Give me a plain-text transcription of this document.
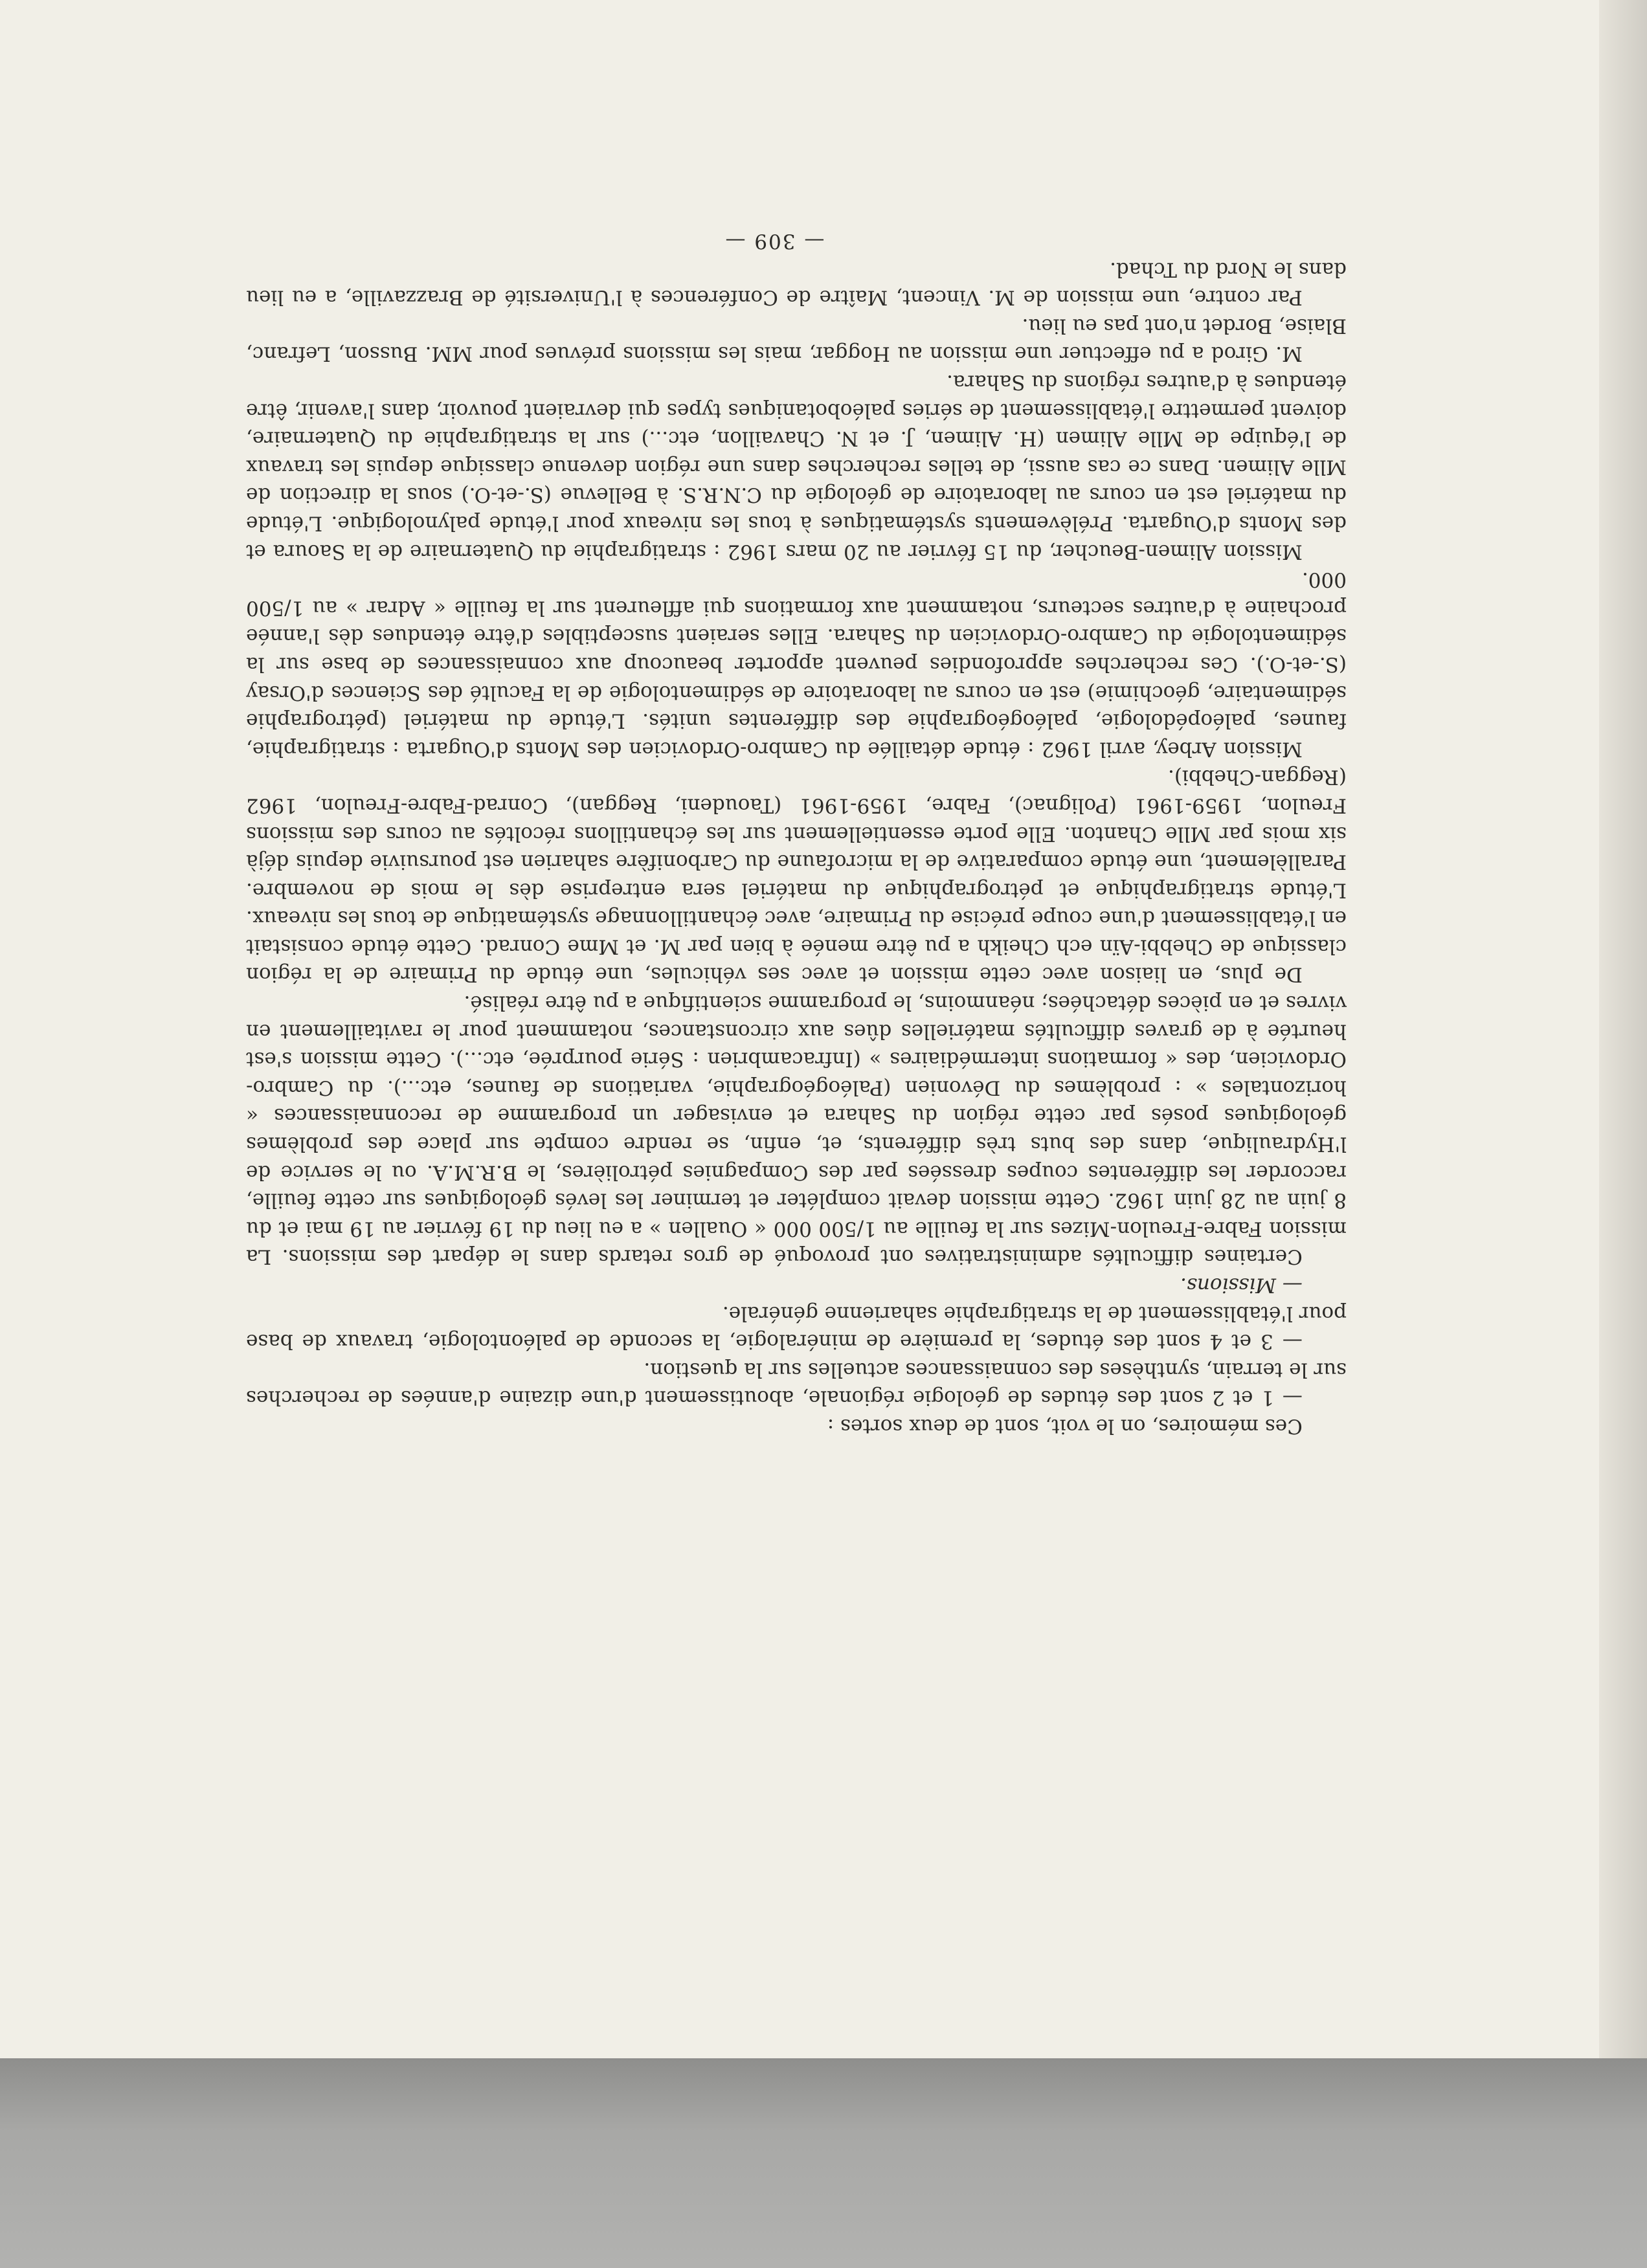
Ces mémoires, on le voit, sont de deux sortes :

— 1 et 2 sont des études de géologie régionale, aboutissement d'une dizaine d'années de recherches sur le terrain, synthèses des connaissances actuelles sur la question.

— 3 et 4 sont des études, la première de minéralogie, la seconde de paléontologie, travaux de base pour l'établissement de la stratigraphie saharienne générale.

— Missions.

Certaines difficultés administratives ont provoqué de gros retards dans le départ des missions. La mission Fabre-Freulon-Mizes sur la feuille au 1/500 000 « Ouallen » a eu lieu du 19 février au 19 mai et du 8 juin au 28 juin 1962. Cette mission devait compléter et terminer les levés géologiques sur cette feuille, raccorder les différentes coupes dressées par des Compagnies pétrolières, le B.R.M.A. ou le service de l'Hydraulique, dans des buts très différents, et, enfin, se rendre compte sur place des problèmes géologiques posés par cette région du Sahara et envisager un programme de reconnaissances « horizontales » : problèmes du Dévonien (Paléogéographie, variations de faunes, etc...). du Cambro-Ordovicien, des « formations intermédiaires » (Infracambrien : Série pourprée, etc...). Cette mission s'est heurtée à de graves difficultés matérielles dûes aux circonstances, notamment pour le ravitaillement en vivres et en pièces détachées; néanmoins, le programme scientifique a pu être réalisé.

De plus, en liaison avec cette mission et avec ses véhicules, une étude du Primaire de la région classique de Chebbi-Aïn ech Cheikh a pu être menée à bien par M. et Mme Conrad. Cette étude consistait en l'établissement d'une coupe précise du Primaire, avec échantillonnage systématique de tous les niveaux. L'étude stratigraphique et pétrographique du matériel sera entreprise dès le mois de novembre. Parallèlement, une étude comparative de la microfaune du Carbonifère saharien est poursuivie depuis déjà six mois par Mlle Chanton. Elle porte essentiellement sur les échantillons récoltés au cours des missions Freulon, 1959-1961 (Polignac), Fabre, 1959-1961 (Taoudeni, Reggan), Conrad-Fabre-Freulon, 1962 (Reggan-Chebbi).

Mission Arbey, avril 1962 : étude détaillée du Cambro-Ordovicien des Monts d'Ougarta : stratigraphie, faunes, paléopédologie, paléogéographie des différentes unités. L'étude du matériel (pétrographie sédimentaire, géochimie) est en cours au laboratoire de sédimentologie de la Faculté des Sciences d'Orsay (S.-et-O.). Ces recherches approfondies peuvent apporter beaucoup aux connaissances de base sur la sédimentologie du Cambro-Ordovicien du Sahara. Elles seraient susceptibles d'être étendues dès l'année prochaine à d'autres secteurs, notamment aux formations qui affleurent sur la feuille « Adrar » au 1/500 000.

Mission Alimen-Beucher, du 15 février au 20 mars 1962 : stratigraphie du Quaternaire de la Saoura et des Monts d'Ougarta. Prélèvements systématiques à tous les niveaux pour l'étude palynologique. L'étude du matériel est en cours au laboratoire de géologie du C.N.R.S. à Bellevue (S.-et-O.) sous la direction de Mlle Alimen. Dans ce cas aussi, de telles recherches dans une région devenue classique depuis les travaux de l'équipe de Mlle Alimen (H. Alimen, J. et N. Chavaillon, etc...) sur la stratigraphie du Quaternaire, doivent permettre l'établissement de séries paléobotaniques types qui devraient pouvoir, dans l'avenir, être étendues à d'autres régions du Sahara.

M. Girod a pu effectuer une mission au Hoggar, mais les missions prévues pour MM. Busson, Lefranc, Blaise, Bordet n'ont pas eu lieu.

Par contre, une mission de M. Vincent, Maître de Conférences à l'Université de Brazzaville, a eu lieu dans le Nord du Tchad.

— 309 —
